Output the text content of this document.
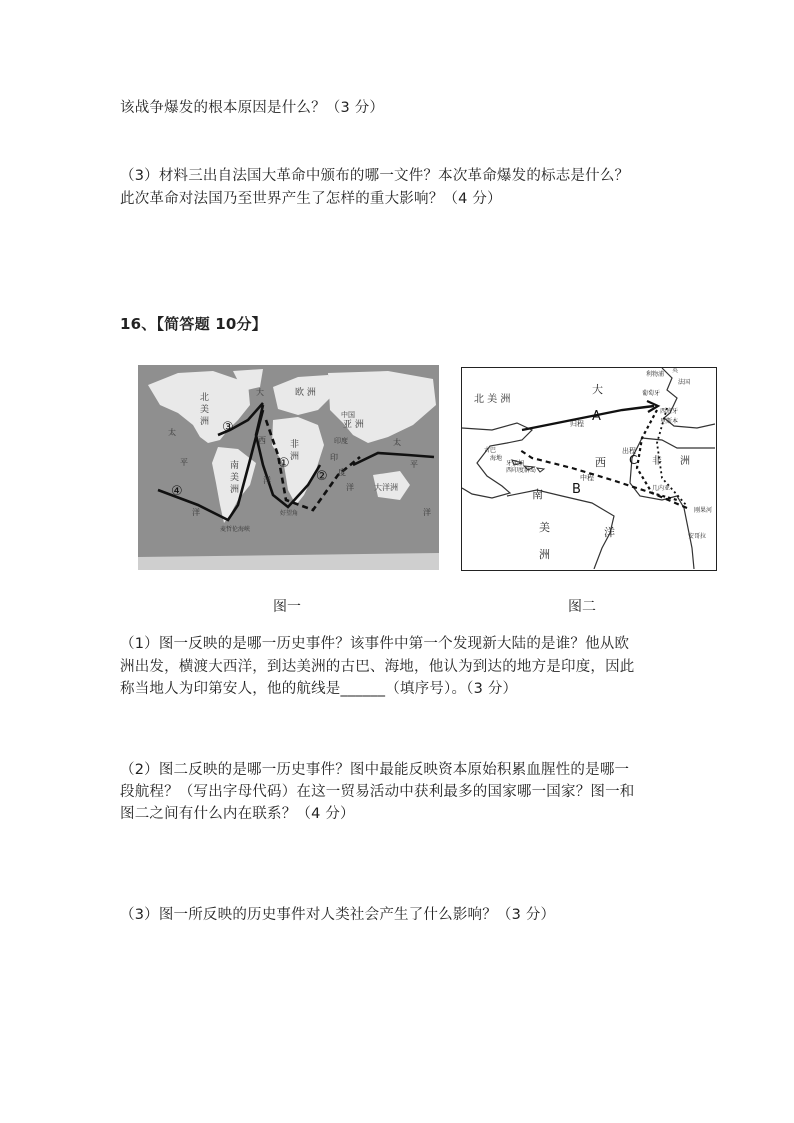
该战争爆发的根本原因是什么？（3 分）
（3）材料三出自法国大革命中颁布的哪一文件？本次革命爆发的标志是什么？
此次革命对法国乃至世界产生了怎样的重大影响？（4 分）
16、【简答题 10分】
①
②
③
④
北
美
洲
南
美
洲
欧 洲
亚 洲
非
洲
大洋洲
中国
印度
好望角
麦哲伦海峡
太
平
洋
大
西
洋
印
度
洋
太
平
洋
北 美 洲
大
西
洋
南
美
洲
非 洲
利物浦
英
法国
葡萄牙
西班牙
里斯本
古巴
海地
牙买加
西印度群岛
几内亚
刚果河
安哥拉
A
B
C
归程
中程
出程
图一	图二
（1）图一反映的是哪一历史事件？该事件中第一个发现新大陆的是谁？他从欧
洲出发，横渡大西洋，到达美洲的古巴、海地，他认为到达的地方是印度，因此
称当地人为印第安人，他的航线是______（填序号）。（3 分）
（2）图二反映的是哪一历史事件？图中最能反映资本原始积累血腥性的是哪一
段航程？（写出字母代码）在这一贸易活动中获利最多的国家哪一国家？图一和
图二之间有什么内在联系？（4 分）
（3）图一所反映的历史事件对人类社会产生了什么影响？（3 分）
